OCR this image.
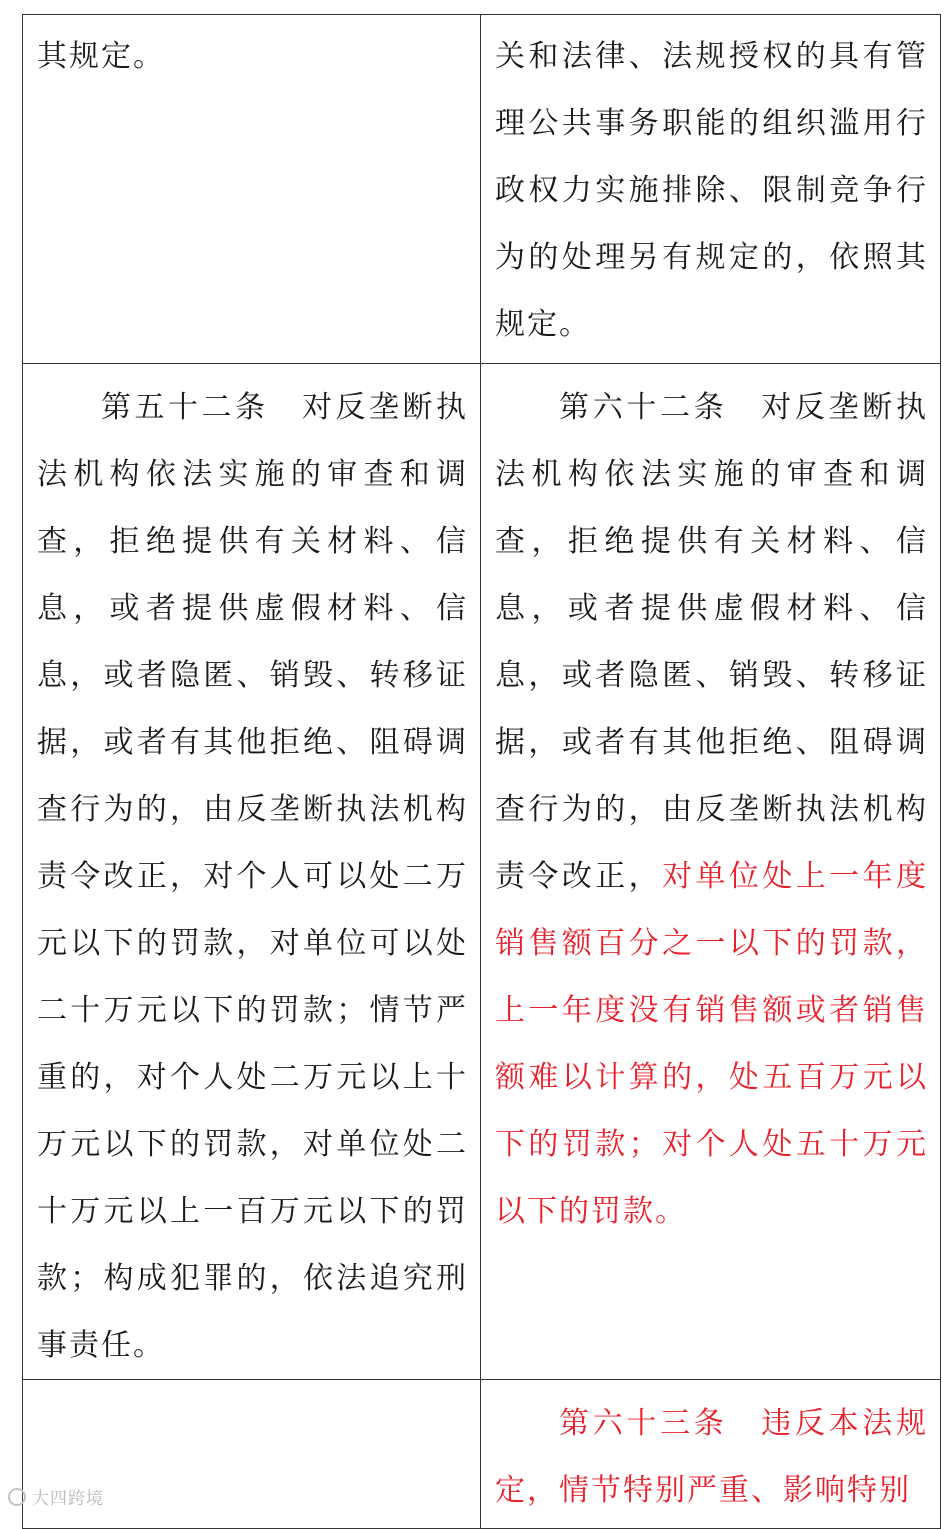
其规定。	关和法律、法规授权的具有管理公共事务职能的组织滥用行政权力实施排除、限制竞争行为的处理另有规定的，依照其规定。

第五十二条　对反垄断执法机构依法实施的审查和调查，拒绝提供有关材料、信息，或者提供虚假材料、信息，或者隐匿、销毁、转移证据，或者有其他拒绝、阻碍调查行为的，由反垄断执法机构责令改正，对个人可以处二万元以下的罚款，对单位可以处二十万元以下的罚款；情节严重的，对个人处二万元以上十万元以下的罚款，对单位处二十万元以上一百万元以下的罚款；构成犯罪的，依法追究刑事责任。	第六十二条　对反垄断执法机构依法实施的审查和调查，拒绝提供有关材料、信息，或者提供虚假材料、信息，或者隐匿、销毁、转移证据，或者有其他拒绝、阻碍调查行为的，由反垄断执法机构责令改正，对单位处上一年度销售额百分之一以下的罚款，上一年度没有销售额或者销售额难以计算的，处五百万元以下的罚款；对个人处五十万元以下的罚款。

	第六十三条　违反本法规定，情节特别严重、影响特别
大四跨境
